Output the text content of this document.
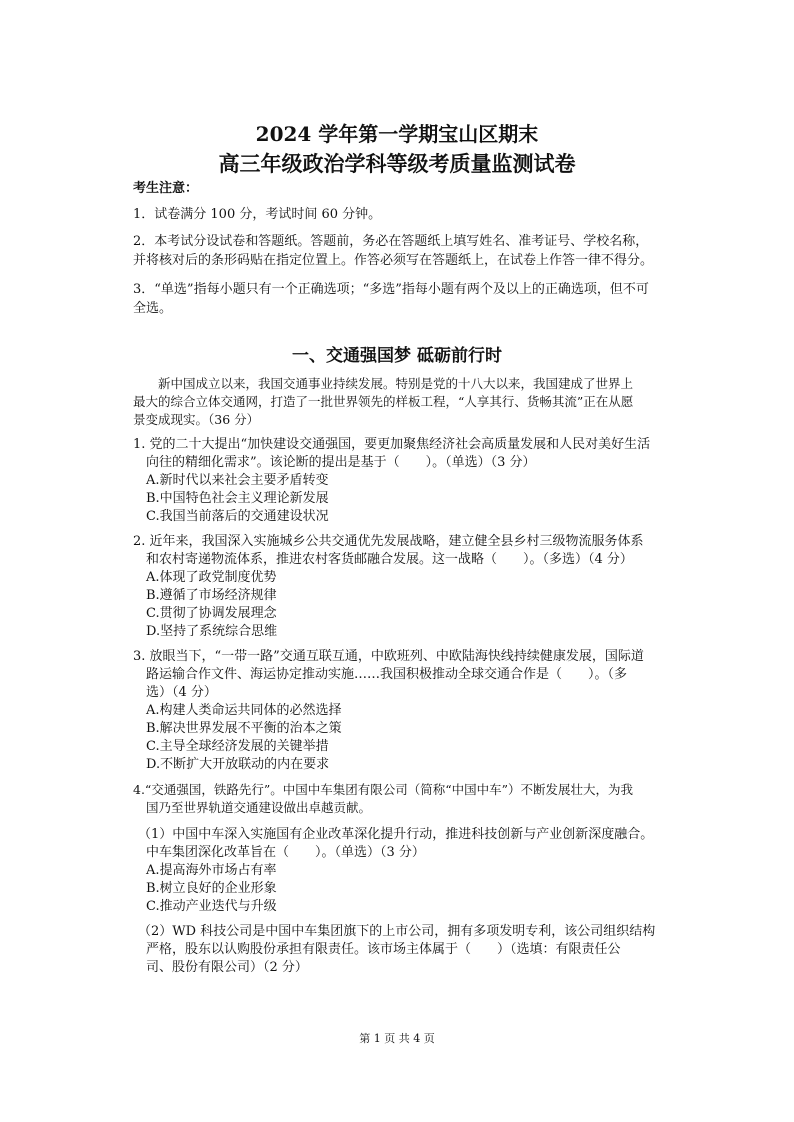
2024 学年第一学期宝山区期末
高三年级政治学科等级考质量监测试卷
考生注意：
1．试卷满分 100 分，考试时间 60 分钟。
2．本考试分设试卷和答题纸。答题前，务必在答题纸上填写姓名、准考证号、学校名称，
并将核对后的条形码贴在指定位置上。作答必须写在答题纸上，在试卷上作答一律不得分。
3．“单选”指每小题只有一个正确选项；“多选”指每小题有两个及以上的正确选项，但不可
全选。
一、交通强国梦 砥砺前行时
新中国成立以来，我国交通事业持续发展。特别是党的十八大以来，我国建成了世界上
最大的综合立体交通网，打造了一批世界领先的样板工程，“人享其行、货畅其流”正在从愿
景变成现实。（36 分）
1. 党的二十大提出“加快建设交通强国，要更加聚焦经济社会高质量发展和人民对美好生活
向往的精细化需求”。该论断的提出是基于（　　）。（单选）（3 分）
A.新时代以来社会主要矛盾转变
B.中国特色社会主义理论新发展
C.我国当前落后的交通建设状况
2. 近年来，我国深入实施城乡公共交通优先发展战略，建立健全县乡村三级物流服务体系
和农村寄递物流体系，推进农村客货邮融合发展。这一战略（　　）。（多选）（4 分）
A.体现了政党制度优势
B.遵循了市场经济规律
C.贯彻了协调发展理念
D.坚持了系统综合思维
3. 放眼当下，“一带一路”交通互联互通，中欧班列、中欧陆海快线持续健康发展，国际道
路运输合作文件、海运协定推动实施……我国积极推动全球交通合作是（　　）。（多
选）（4 分）
A.构建人类命运共同体的必然选择
B.解决世界发展不平衡的治本之策
C.主导全球经济发展的关键举措
D.不断扩大开放联动的内在要求
4.“交通强国，铁路先行”。中国中车集团有限公司（简称“中国中车”）不断发展壮大，为我
国乃至世界轨道交通建设做出卓越贡献。
（1）中国中车深入实施国有企业改革深化提升行动，推进科技创新与产业创新深度融合。
中车集团深化改革旨在（　　）。（单选）（3 分）
A.提高海外市场占有率
B.树立良好的企业形象
C.推动产业迭代与升级
（2）WD 科技公司是中国中车集团旗下的上市公司，拥有多项发明专利，该公司组织结构
严格，股东以认购股份承担有限责任。该市场主体属于（　　）（选填：有限责任公
司、股份有限公司）（2 分）
第 1 页 共 4 页
